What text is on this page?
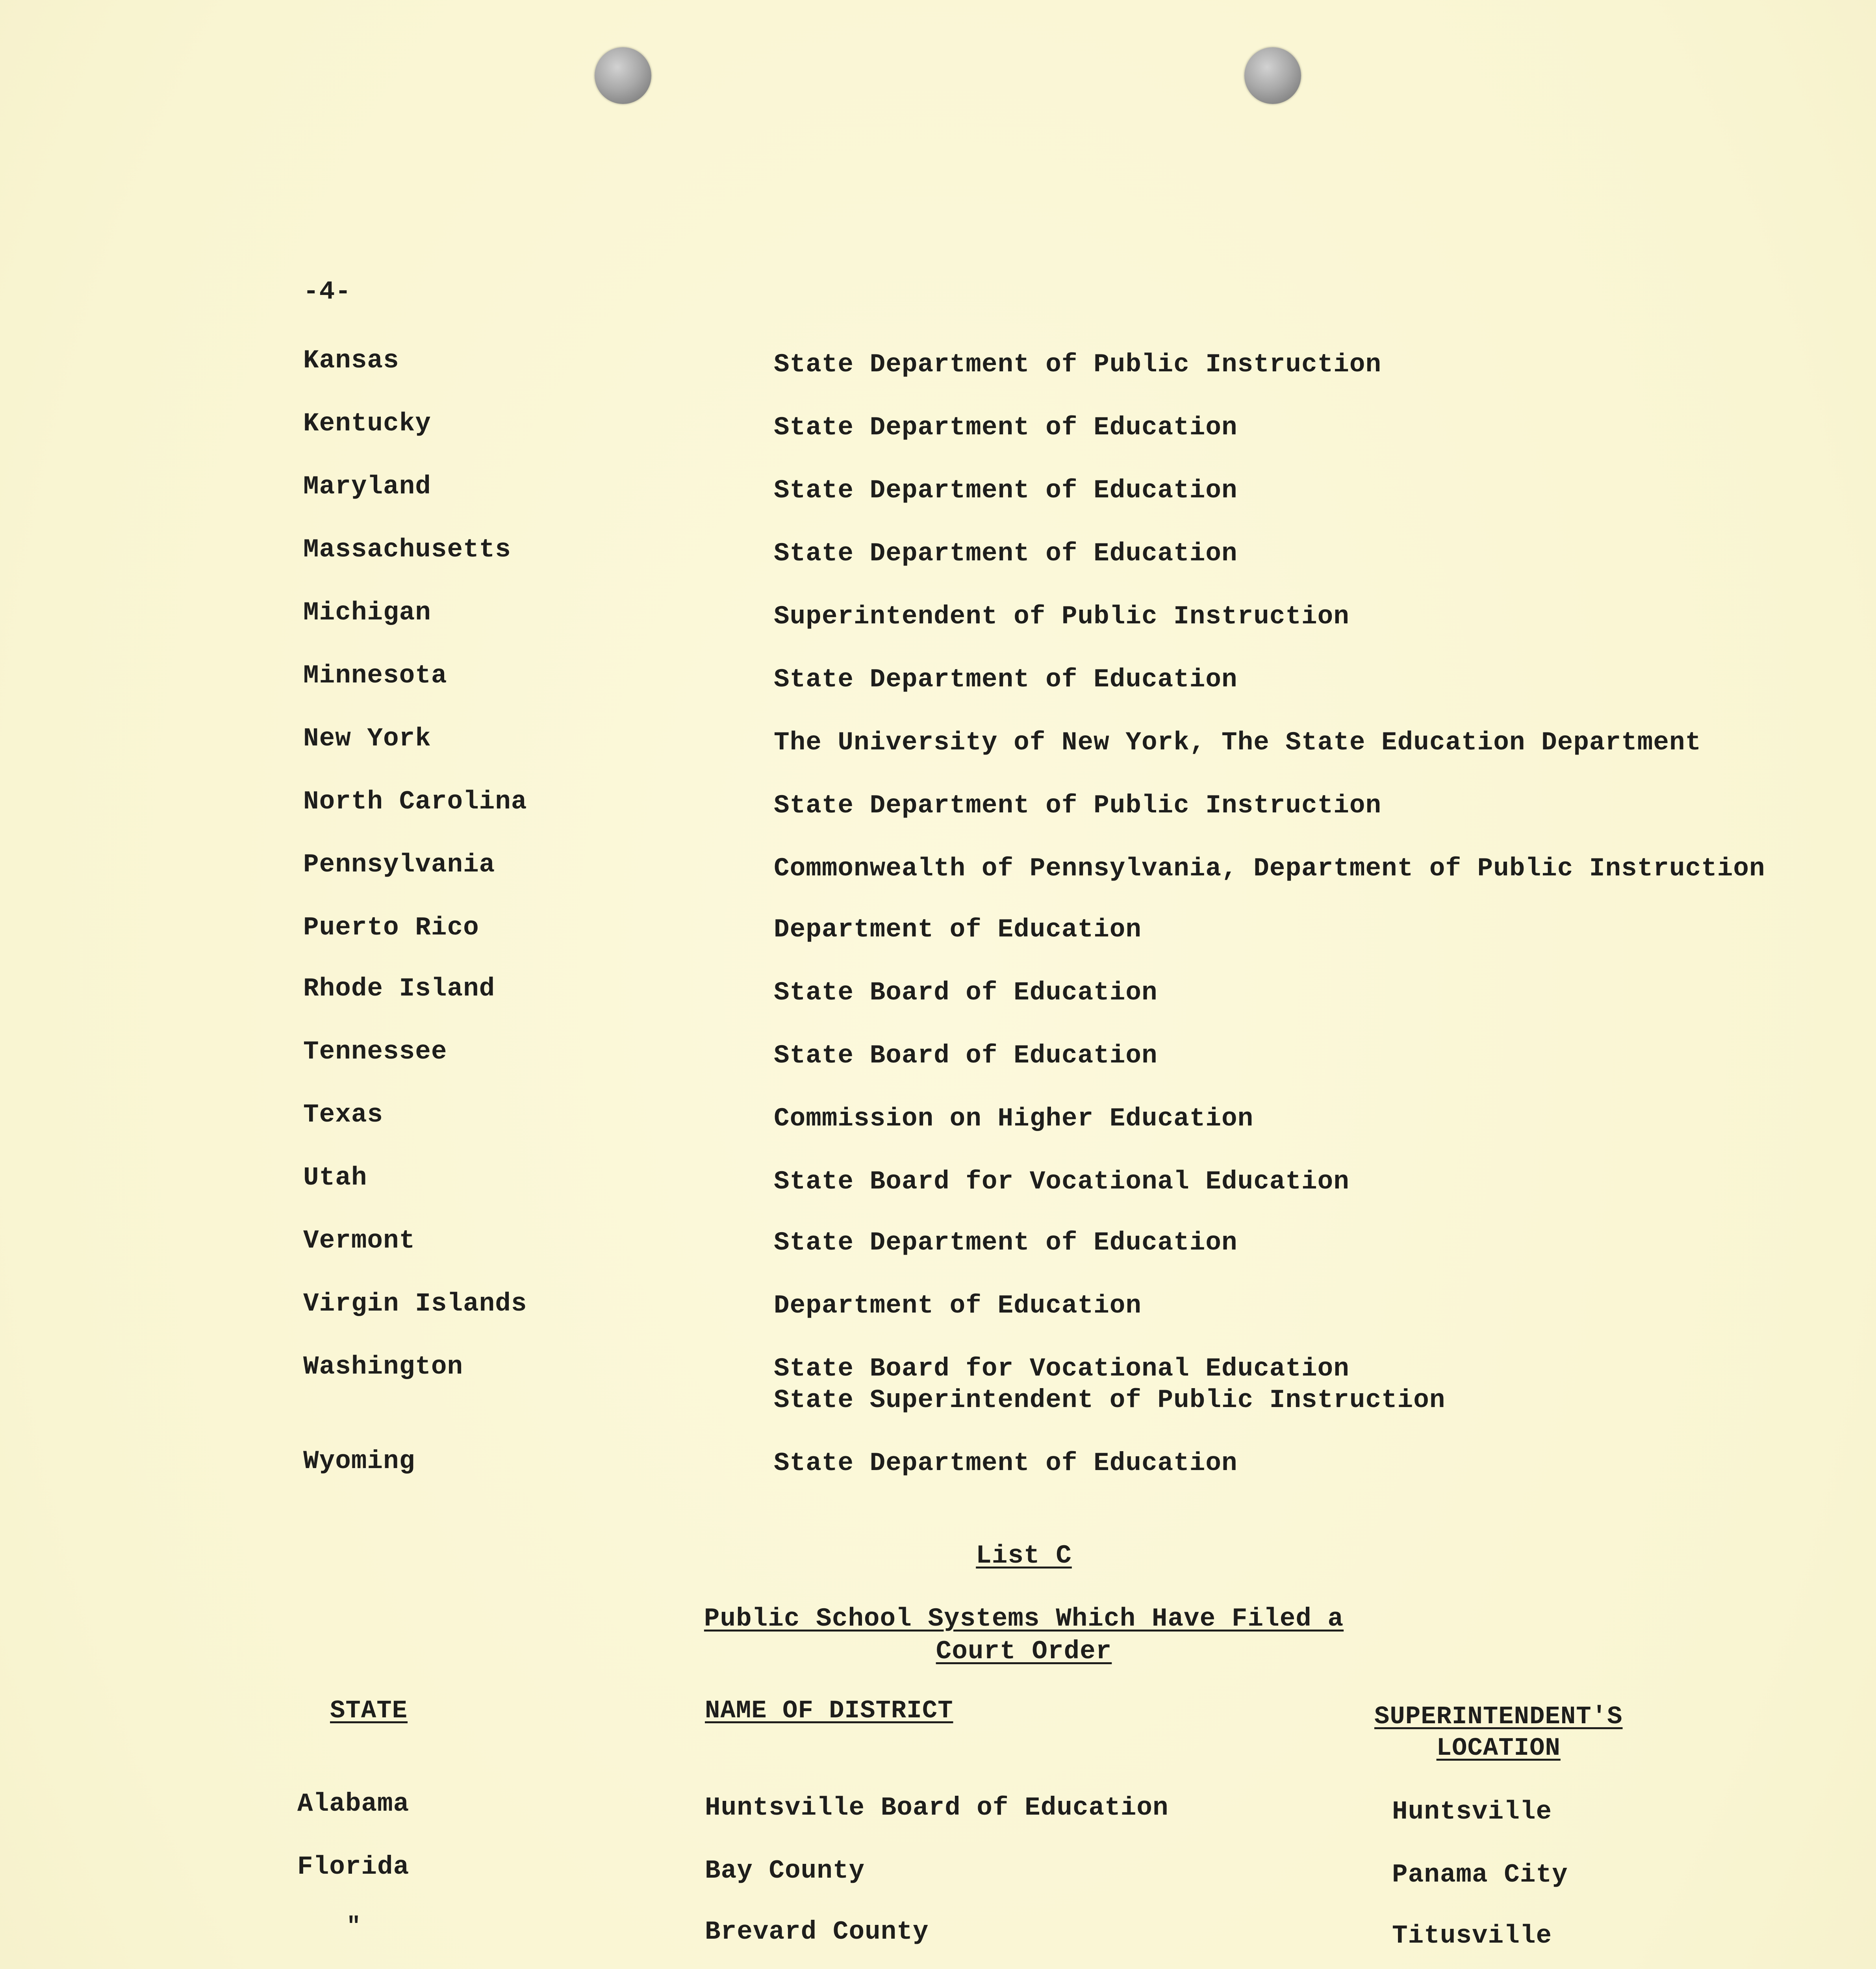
-4-
Kansas	State Department of Public Instruction
Kentucky	State Department of Education
Maryland	State Department of Education
Massachusetts	State Department of Education
Michigan	Superintendent of Public Instruction
Minnesota	State Department of Education
New York	The University of New York, The State Education Department
North Carolina	State Department of Public Instruction
Pennsylvania	Commonwealth of Pennsylvania, Department of Public Instruction
Puerto Rico	Department of Education
Rhode Island	State Board of Education
Tennessee	State Board of Education
Texas	Commission on Higher Education
Utah	State Board for Vocational Education
Vermont	State Department of Education
Virgin Islands	Department of Education
Washington	State Board for Vocational Education
State Superintendent of Public Instruction
Wyoming	State Department of Education
List C
Public School Systems Which Have Filed a
Court Order
STATE	NAME OF DISTRICT	SUPERINTENDENT'S
LOCATION
Alabama	Huntsville Board of Education	Huntsville
Florida	Bay County	Panama City
"	Brevard County	Titusville
